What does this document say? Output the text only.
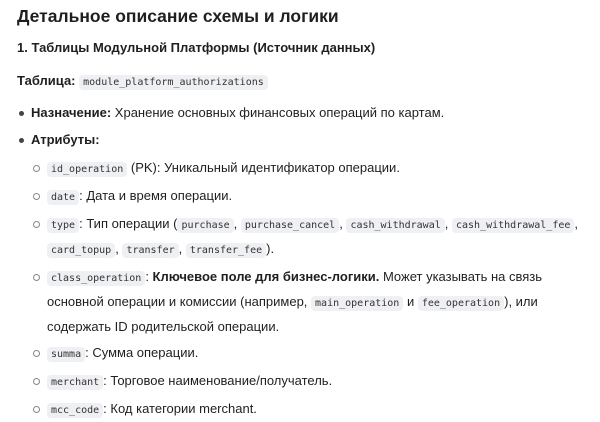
Детальное описание схемы и логики
1. Таблицы Модульной Платформы (Источник данных)
Таблица: module_platform_authorizations
Назначение: Хранение основных финансовых операций по картам.
Атрибуты:
id_operation (PK): Уникальный идентификатор операции.
date : Дата и время операции.
type : Тип операции ( purchase , purchase_cancel , cash_withdrawal , cash_withdrawal_fee , card_topup , transfer , transfer_fee ).
class_operation : Ключевое поле для бизнес-логики. Может указывать на связь основной операции и комиссии (например, main_operation и fee_operation ), или содержать ID родительской операции.
summa : Сумма операции.
merchant : Торговое наименование/получатель.
mcc_code : Код категории merchant.
